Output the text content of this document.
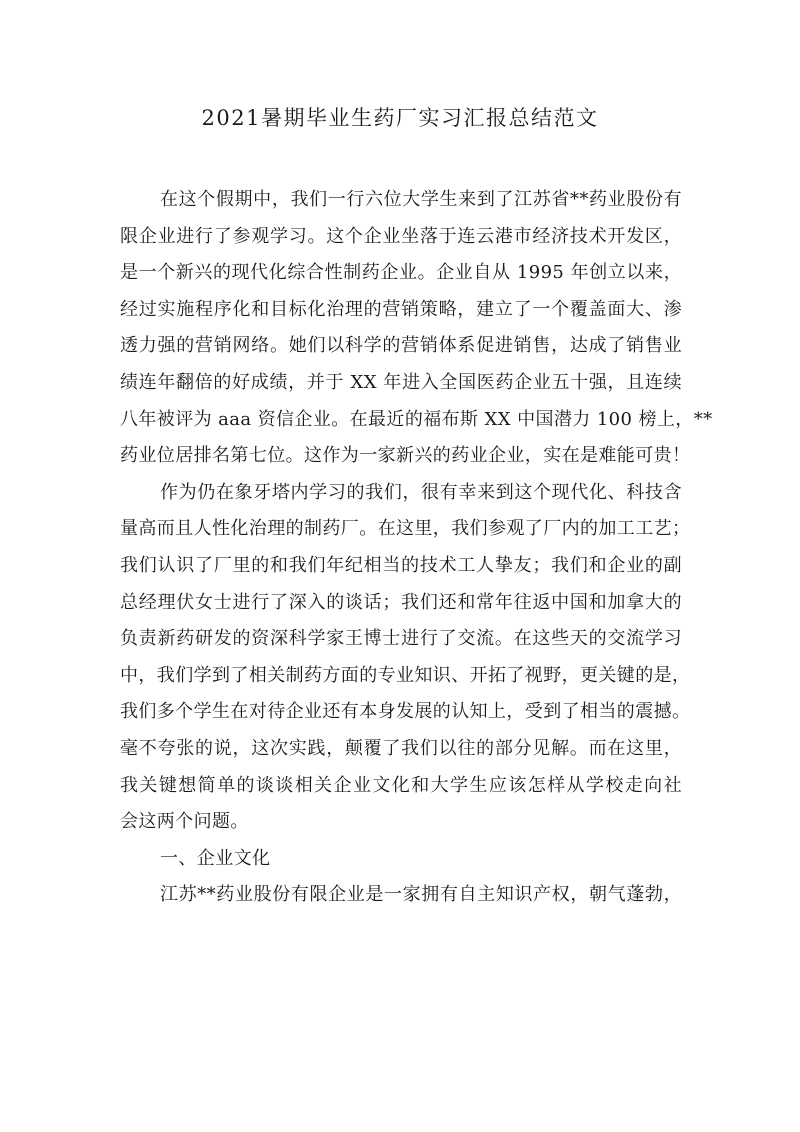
2021暑期毕业生药厂实习汇报总结范文
在这个假期中，我们一行六位大学生来到了江苏省**药业股份有
限企业进行了参观学习。这个企业坐落于连云港市经济技术开发区，
是一个新兴的现代化综合性制药企业。企业自从 1995 年创立以来，
经过实施程序化和目标化治理的营销策略，建立了一个覆盖面大、渗
透力强的营销网络。她们以科学的营销体系促进销售，达成了销售业
绩连年翻倍的好成绩，并于 XX 年进入全国医药企业五十强，且连续
八年被评为 aaa 资信企业。在最近的福布斯 XX 中国潜力 100 榜上，**
药业位居排名第七位。这作为一家新兴的药业企业，实在是难能可贵！
作为仍在象牙塔内学习的我们，很有幸来到这个现代化、科技含
量高而且人性化治理的制药厂。在这里，我们参观了厂内的加工工艺；
我们认识了厂里的和我们年纪相当的技术工人挚友；我们和企业的副
总经理伏女士进行了深入的谈话；我们还和常年往返中国和加拿大的
负责新药研发的资深科学家王博士进行了交流。在这些天的交流学习
中，我们学到了相关制药方面的专业知识、开拓了视野，更关键的是，
我们多个学生在对待企业还有本身发展的认知上，受到了相当的震撼。
毫不夸张的说，这次实践，颠覆了我们以往的部分见解。而在这里，
我关键想简单的谈谈相关企业文化和大学生应该怎样从学校走向社
会这两个问题。
一、企业文化
江苏**药业股份有限企业是一家拥有自主知识产权，朝气蓬勃，
